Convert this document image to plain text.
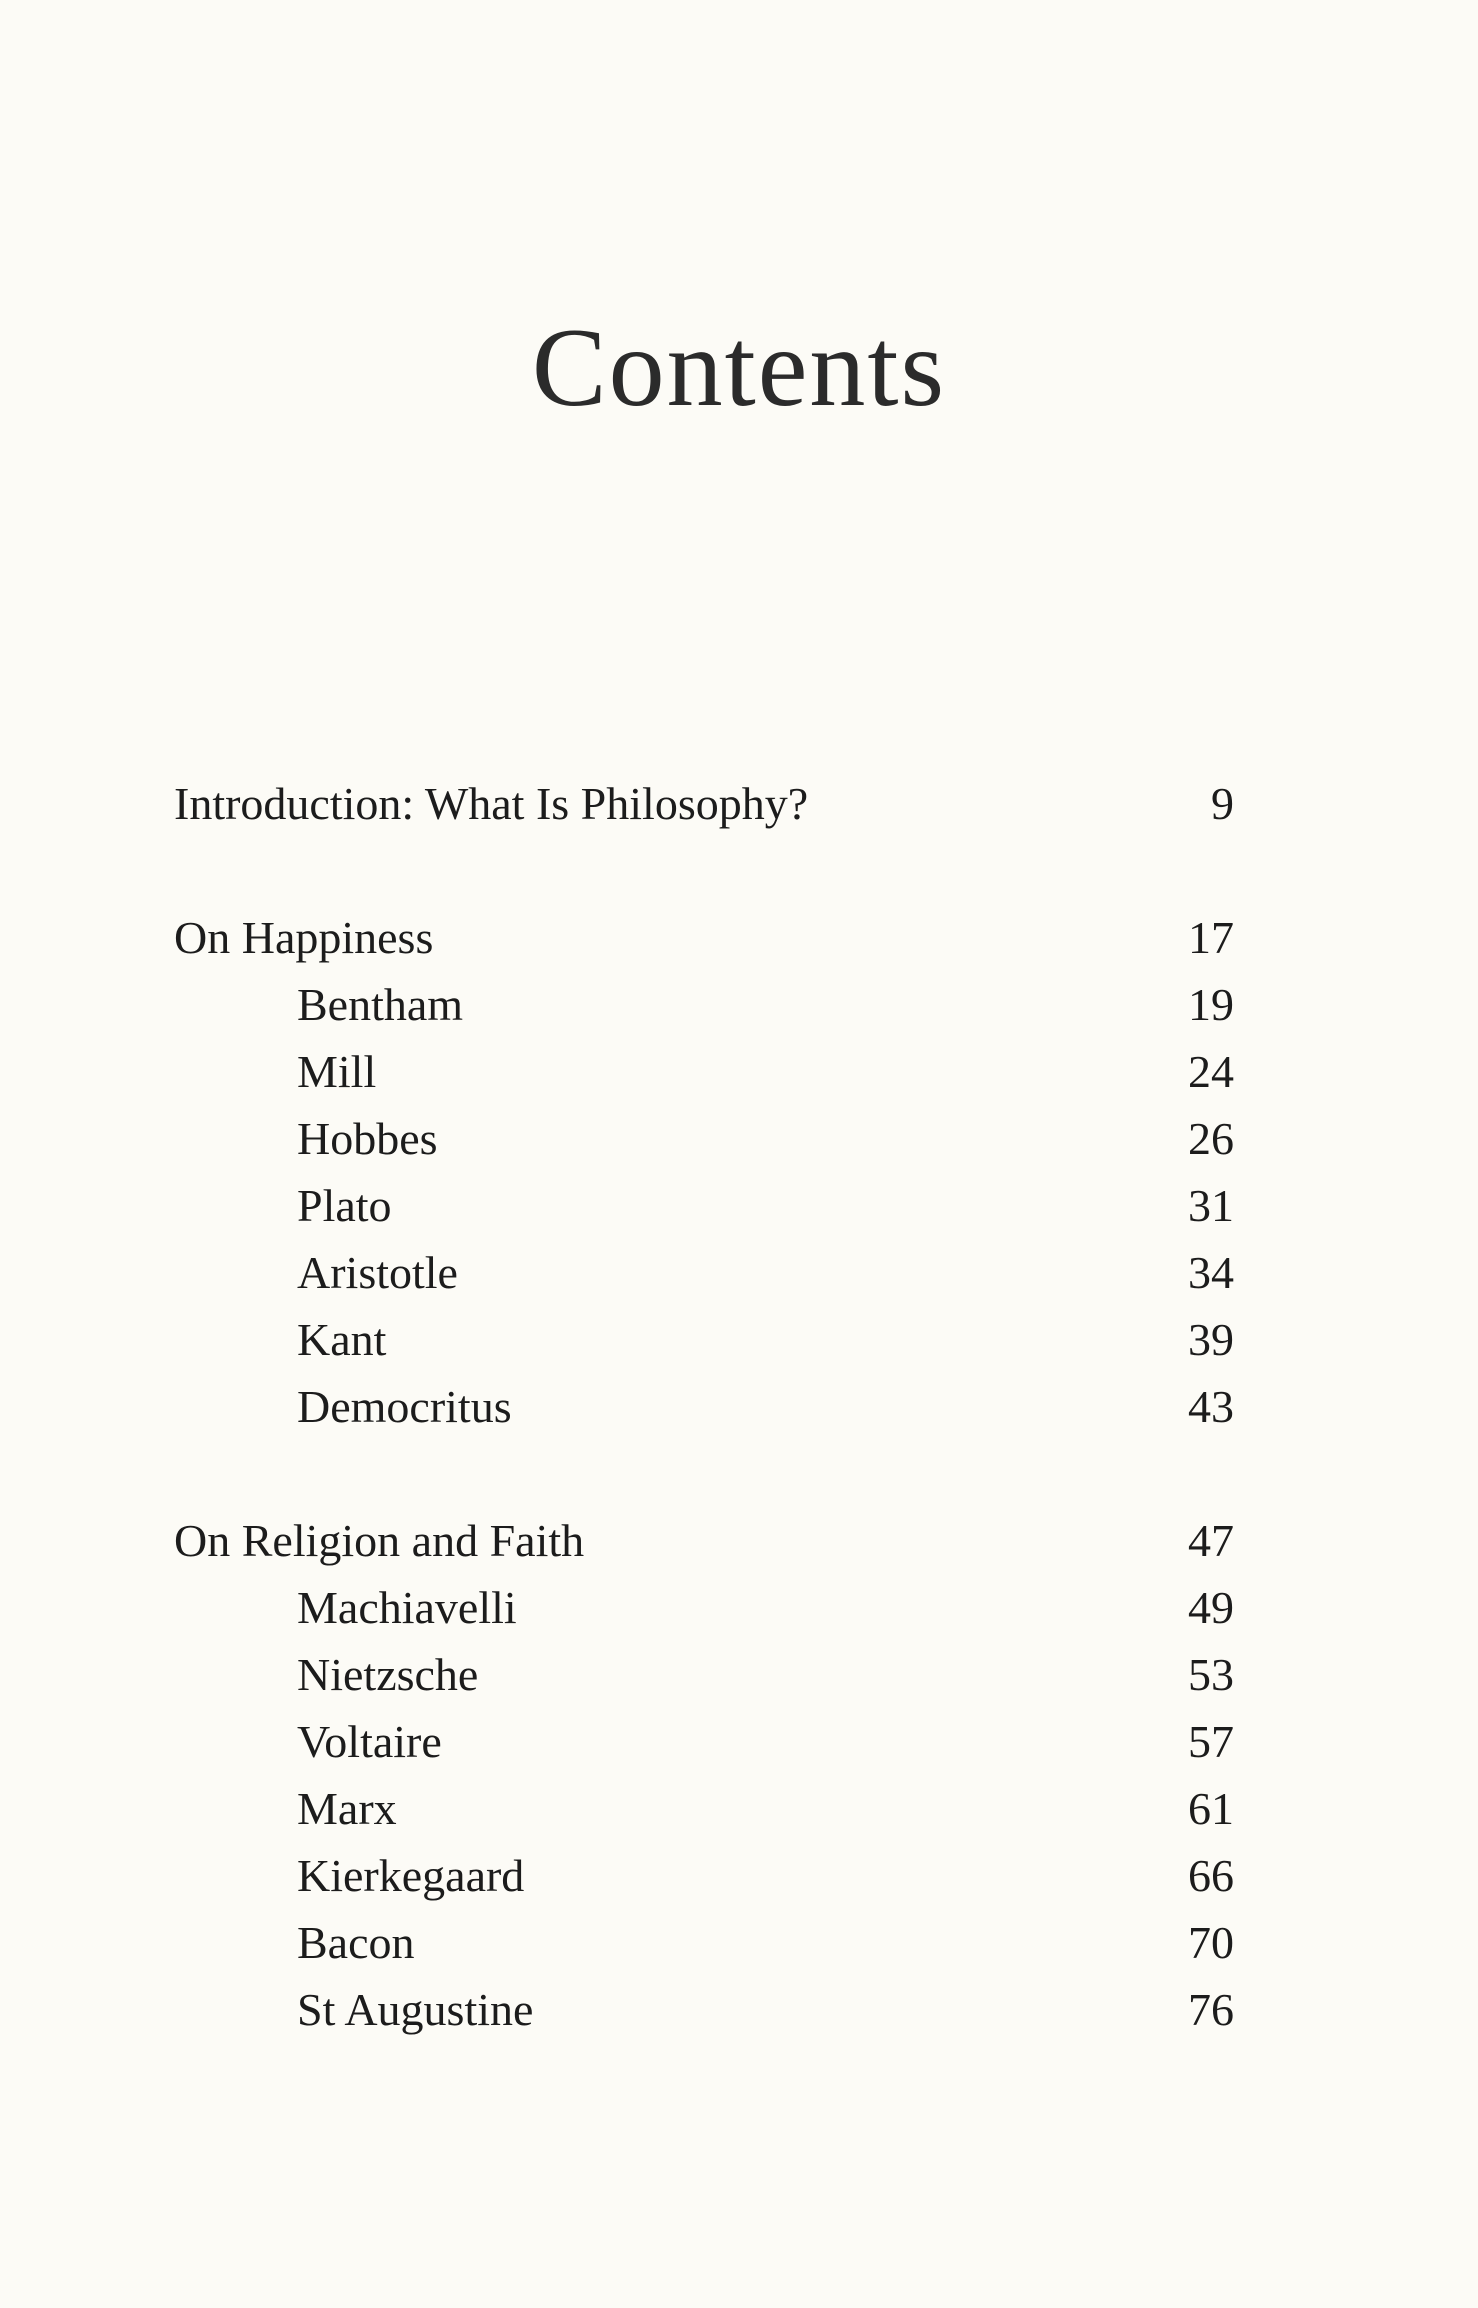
Contents
Introduction: What Is Philosophy?	9
On Happiness	17
Bentham	19
Mill	24
Hobbes	26
Plato	31
Aristotle	34
Kant	39
Democritus	43
On Religion and Faith	47
Machiavelli	49
Nietzsche	53
Voltaire	57
Marx	61
Kierkegaard	66
Bacon	70
St Augustine	76
